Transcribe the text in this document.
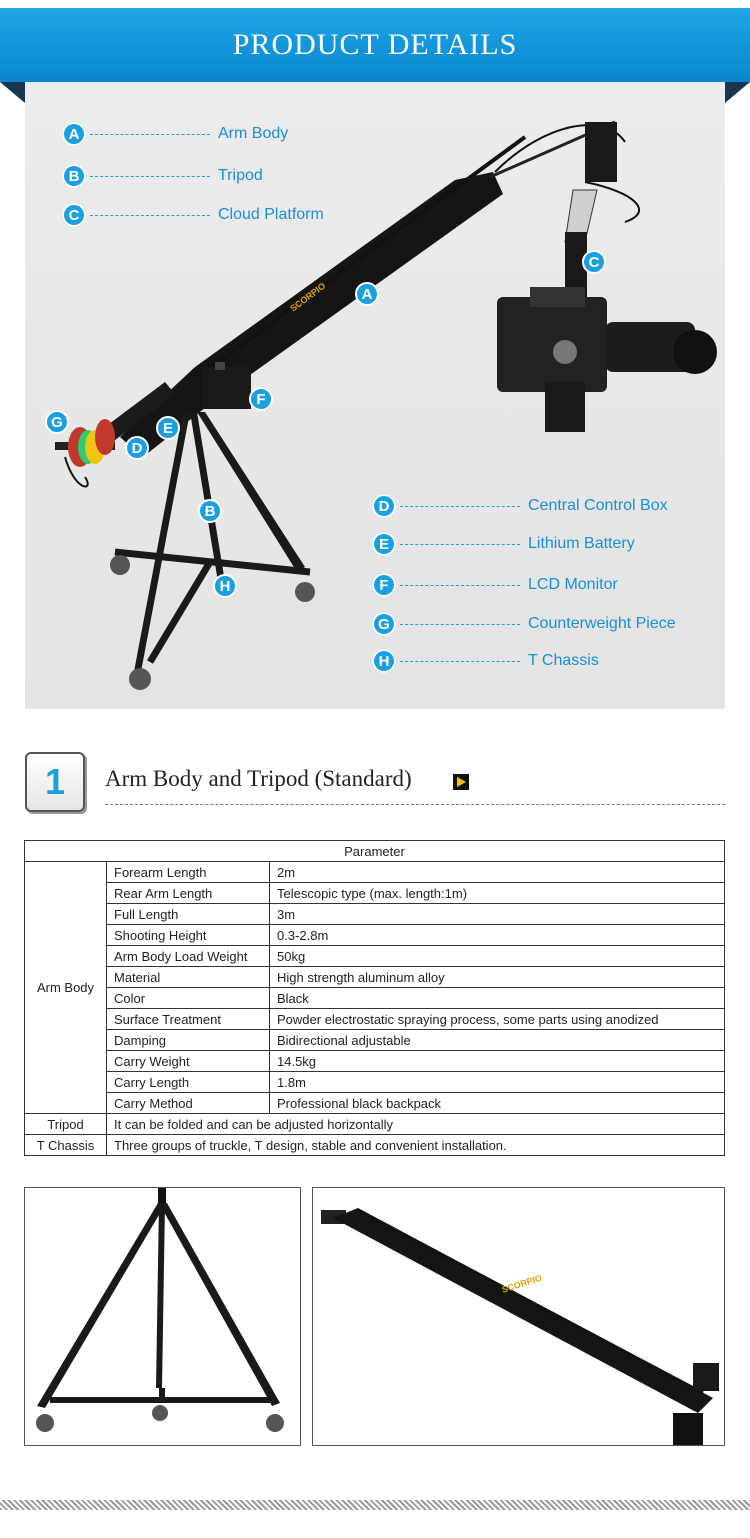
PRODUCT DETAILS
SCORPIO
A	Arm Body
B	Tripod
C	Cloud Platform
D	Central Control Box
E	Lithium Battery
F	LCD Monitor
G	Counterweight Piece
H	T Chassis
A
B
C
D
E
F
G
H
1	Arm Body and Tripod (Standard)
Parameter		
Arm Body	Forearm Length	2m
	Rear Arm Length	Telescopic type (max. length:1m)
	Full Length	3m
	Shooting Height	0.3-2.8m
	Arm Body Load Weight	50kg
	Material	High strength aluminum alloy
	Color	Black
	Surface Treatment	Powder electrostatic spraying process, some parts using anodized
	Damping	Bidirectional adjustable
	Carry Weight	14.5kg
	Carry Length	1.8m
	Carry Method	Professional black backpack
Tripod	It can be folded and can be adjusted horizontally	
T Chassis	Three groups of truckle, T design, stable and convenient installation.	
SCORPIO
